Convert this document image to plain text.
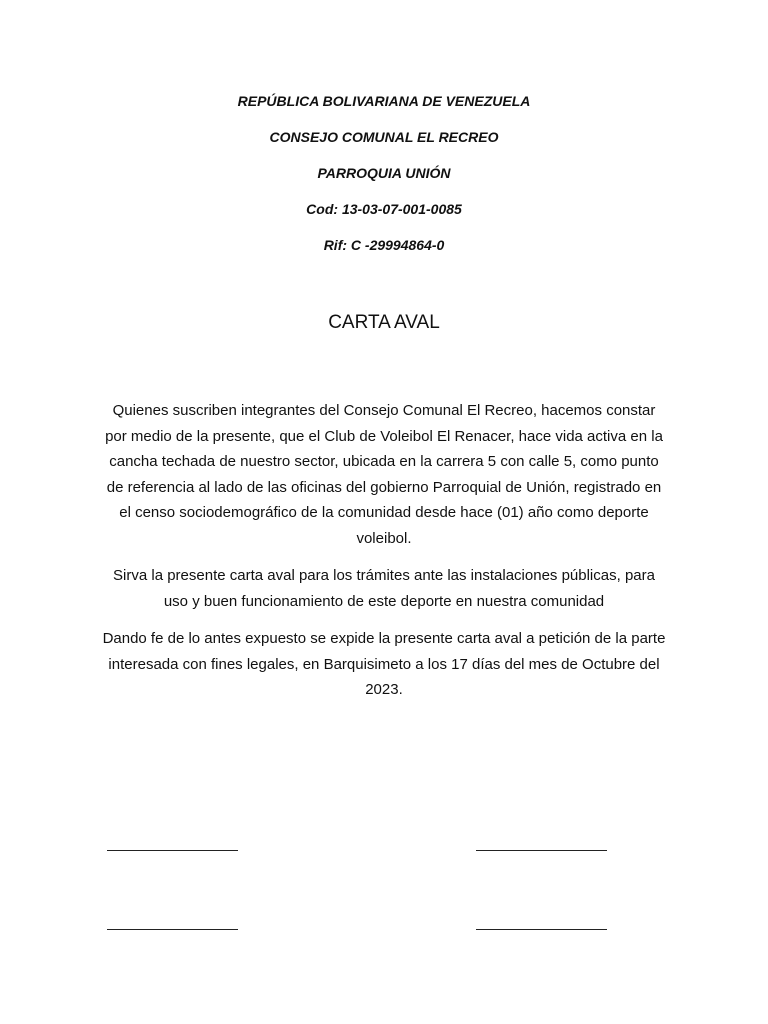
REPÚBLICA BOLIVARIANA DE VENEZUELA
CONSEJO COMUNAL EL RECREO
PARROQUIA UNIÓN
Cod: 13-03-07-001-0085
Rif: C -29994864-0
CARTA AVAL

Quienes suscriben integrantes del Consejo Comunal El Recreo, hacemos constar por medio de la presente, que el Club de Voleibol El Renacer, hace vida activa en la cancha techada de nuestro sector, ubicada en la carrera 5 con calle 5, como punto de referencia al lado de las oficinas del gobierno Parroquial de Unión, registrado en el censo sociodemográfico de la comunidad desde hace (01) año como deporte voleibol.

Sirva la presente carta aval para los trámites ante las instalaciones públicas, para uso y buen funcionamiento de este deporte en nuestra comunidad

Dando fe de lo antes expuesto se expide la presente carta aval a petición de la parte interesada con fines legales, en Barquisimeto a los 17 días del mes de Octubre del 2023.
